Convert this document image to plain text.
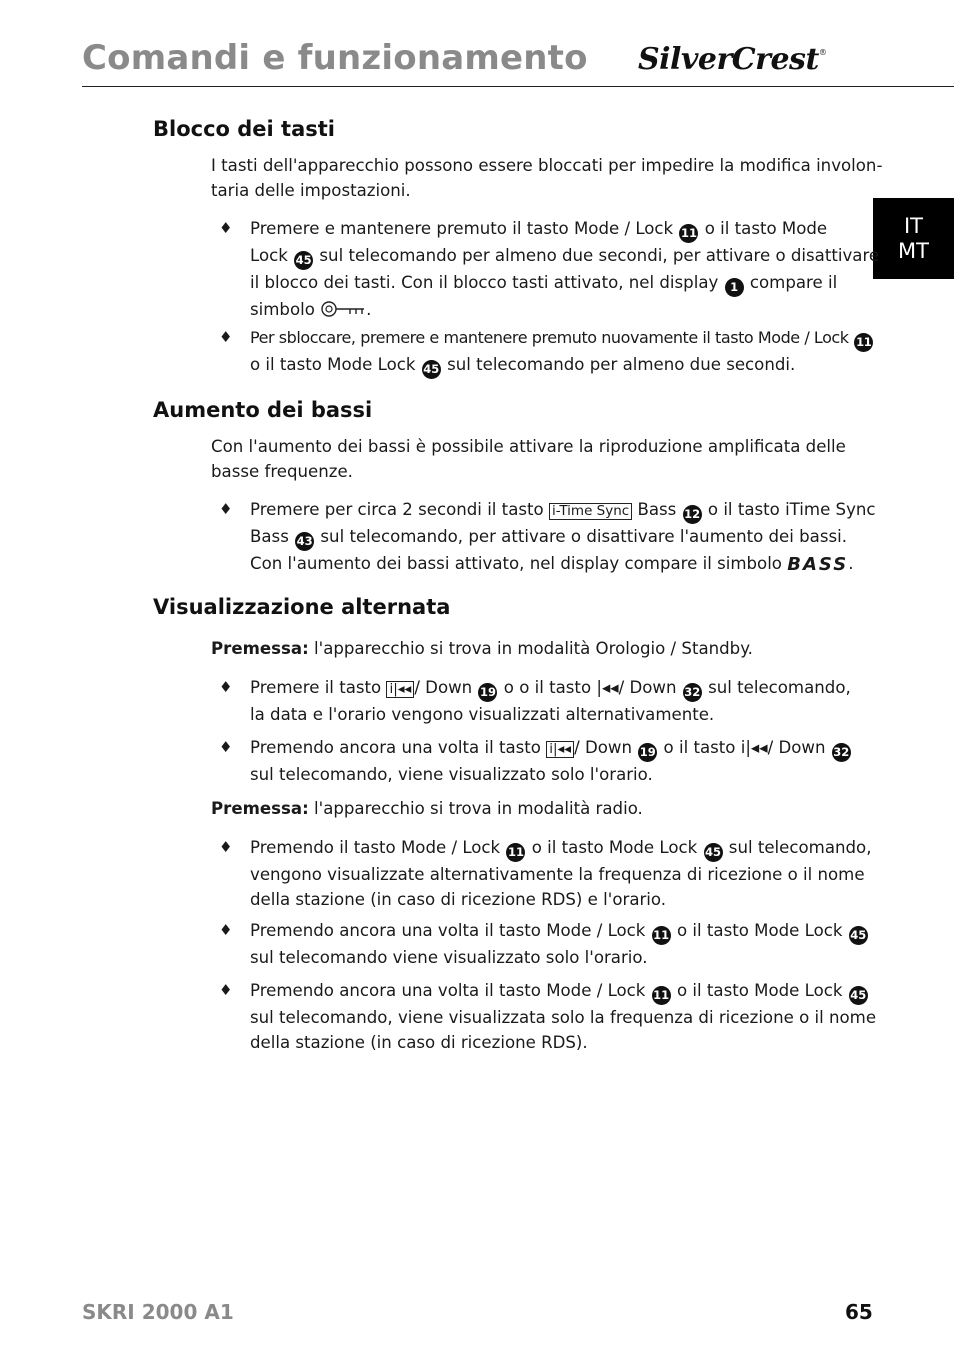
Comandi e funzionamento SilverCrest®
IT
MT
Blocco dei tasti

I tasti dell'apparecchio possono essere bloccati per impedire la modifica involon-
taria delle impostazioni.

♦ Premere e mantenere premuto il tasto Mode / Lock 11 o il tasto Mode
Lock 45 sul telecomando per almeno due secondi, per attivare o disattivare
il blocco dei tasti. Con il blocco tasti attivato, nel display 1 compare il
simbolo	.
♦ Per sbloccare, premere e mantenere premuto nuovamente il tasto Mode / Lock 11
o il tasto Mode Lock 45 sul telecomando per almeno due secondi.
Aumento dei bassi

Con l'aumento dei bassi è possibile attivare la riproduzione amplificata delle
basse frequenze.

♦ Premere per circa 2 secondi il tasto i-Time Sync Bass 12 o il tasto iTime Sync
Bass 43 sul telecomando, per attivare o disattivare l'aumento dei bassi.
Con l'aumento dei bassi attivato, nel display compare il simbolo BASS.
Visualizzazione alternata

Premessa: l'apparecchio si trova in modalità Orologio / Standby.

♦ Premere il tasto i|◂◂ / Down 19 o o il tasto |◂◂/ Down 32 sul telecomando,
la data e l'orario vengono visualizzati alternativamente.
♦ Premendo ancora una volta il tasto i|◂◂ / Down 19 o il tasto i|◂◂/ Down 32
sul telecomando, viene visualizzato solo l'orario.

Premessa: l'apparecchio si trova in modalità radio.

♦ Premendo il tasto Mode / Lock 11 o il tasto Mode Lock 45 sul telecomando,
vengono visualizzate alternativamente la frequenza di ricezione o il nome
della stazione (in caso di ricezione RDS) e l'orario.
♦ Premendo ancora una volta il tasto Mode / Lock 11 o il tasto Mode Lock 45
sul telecomando viene visualizzato solo l'orario.
♦ Premendo ancora una volta il tasto Mode / Lock 11 o il tasto Mode Lock 45
sul telecomando, viene visualizzata solo la frequenza di ricezione o il nome
della stazione (in caso di ricezione RDS).
SKRI 2000 A1	65
